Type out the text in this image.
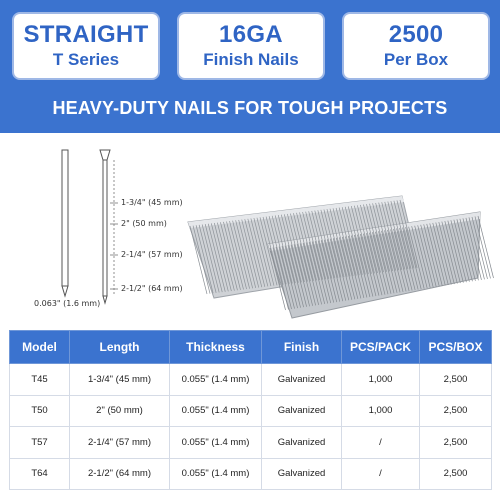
STRAIGHT
T Series
16GA
Finish Nails
2500
Per Box
HEAVY-DUTY NAILS FOR TOUGH PROJECTS
1-3/4" (45 mm)
2" (50 mm)
2-1/4" (57 mm)
2-1/2" (64 mm)
0.063" (1.6 mm)
Model	Length	Thickness	Finish	PCS/PACK	PCS/BOX
T45	1-3/4" (45 mm)	0.055" (1.4 mm)	Galvanized	1,000	2,500
T50	2" (50 mm)	0.055" (1.4 mm)	Galvanized	1,000	2,500
T57	2-1/4" (57 mm)	0.055" (1.4 mm)	Galvanized	/	2,500
T64	2-1/2" (64 mm)	0.055" (1.4 mm)	Galvanized	/	2,500
